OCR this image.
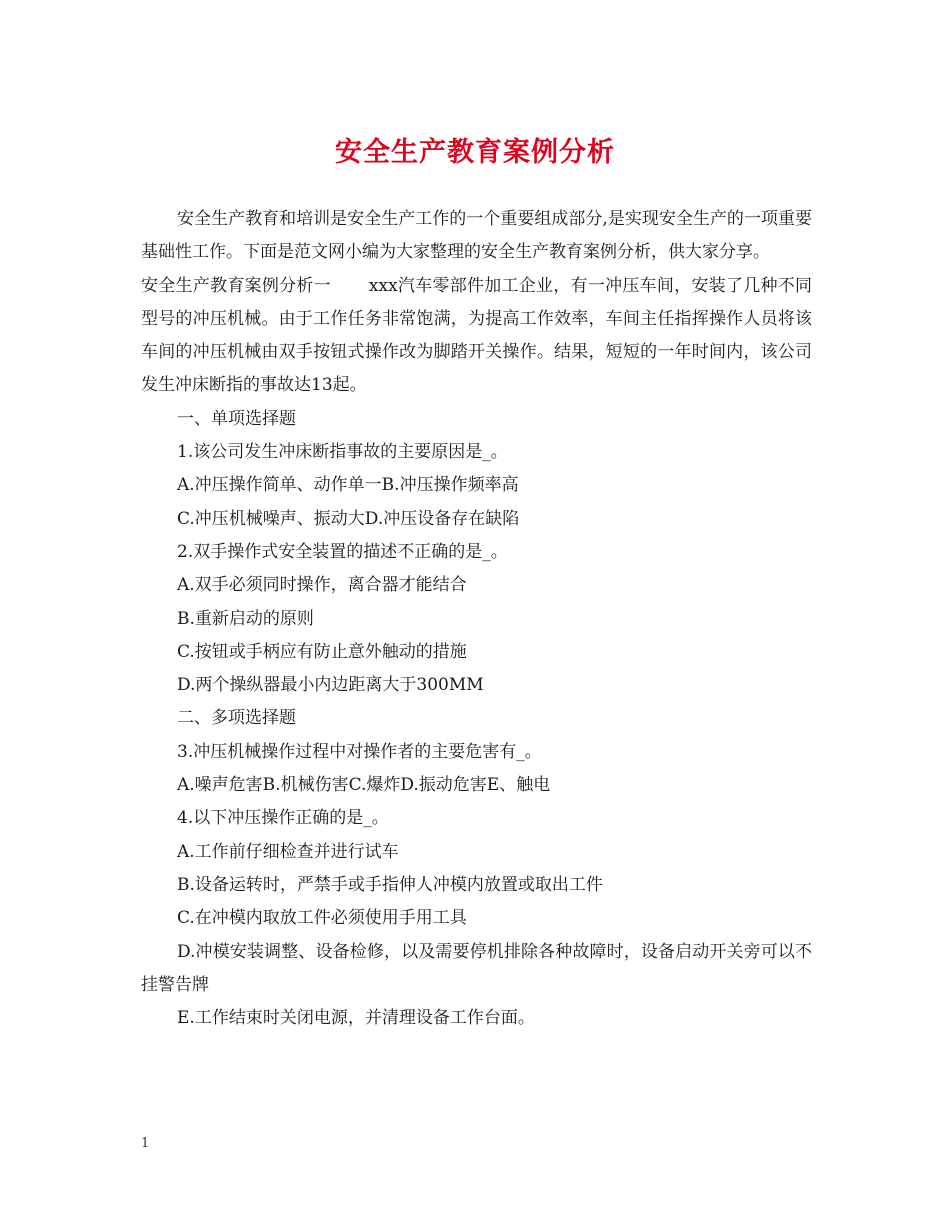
安全生产教育案例分析

安全生产教育和培训是安全生产工作的一个重要组成部分,是实现安全生产的一项重要基础性工作。下面是范文网小编为大家整理的安全生产教育案例分析，供大家分享。

安全生产教育案例分析一 xxx汽车零部件加工企业，有一冲压车间，安装了几种不同型号的冲压机械。由于工作任务非常饱满，为提高工作效率，车间主任指挥操作人员将该车间的冲压机械由双手按钮式操作改为脚踏开关操作。结果，短短的一年时间内，该公司发生冲床断指的事故达13起。

一、单项选择题

1.该公司发生冲床断指事故的主要原因是_。

A.冲压操作简单、动作单一B.冲压操作频率高

C.冲压机械噪声、振动大D.冲压设备存在缺陷

2.双手操作式安全装置的描述不正确的是_。

A.双手必须同时操作，离合器才能结合

B.重新启动的原则

C.按钮或手柄应有防止意外触动的措施

D.两个操纵器最小内边距离大于300MM

二、多项选择题

3.冲压机械操作过程中对操作者的主要危害有_。

A.噪声危害B.机械伤害C.爆炸D.振动危害E、触电

4.以下冲压操作正确的是_。

A.工作前仔细检查并进行试车

B.设备运转时，严禁手或手指伸人冲模内放置或取出工件

C.在冲模内取放工件必须使用手用工具

D.冲模安装调整、设备检修，以及需要停机排除各种故障时，设备启动开关旁可以不挂警告牌

E.工作结束时关闭电源，并清理设备工作台面。

1
